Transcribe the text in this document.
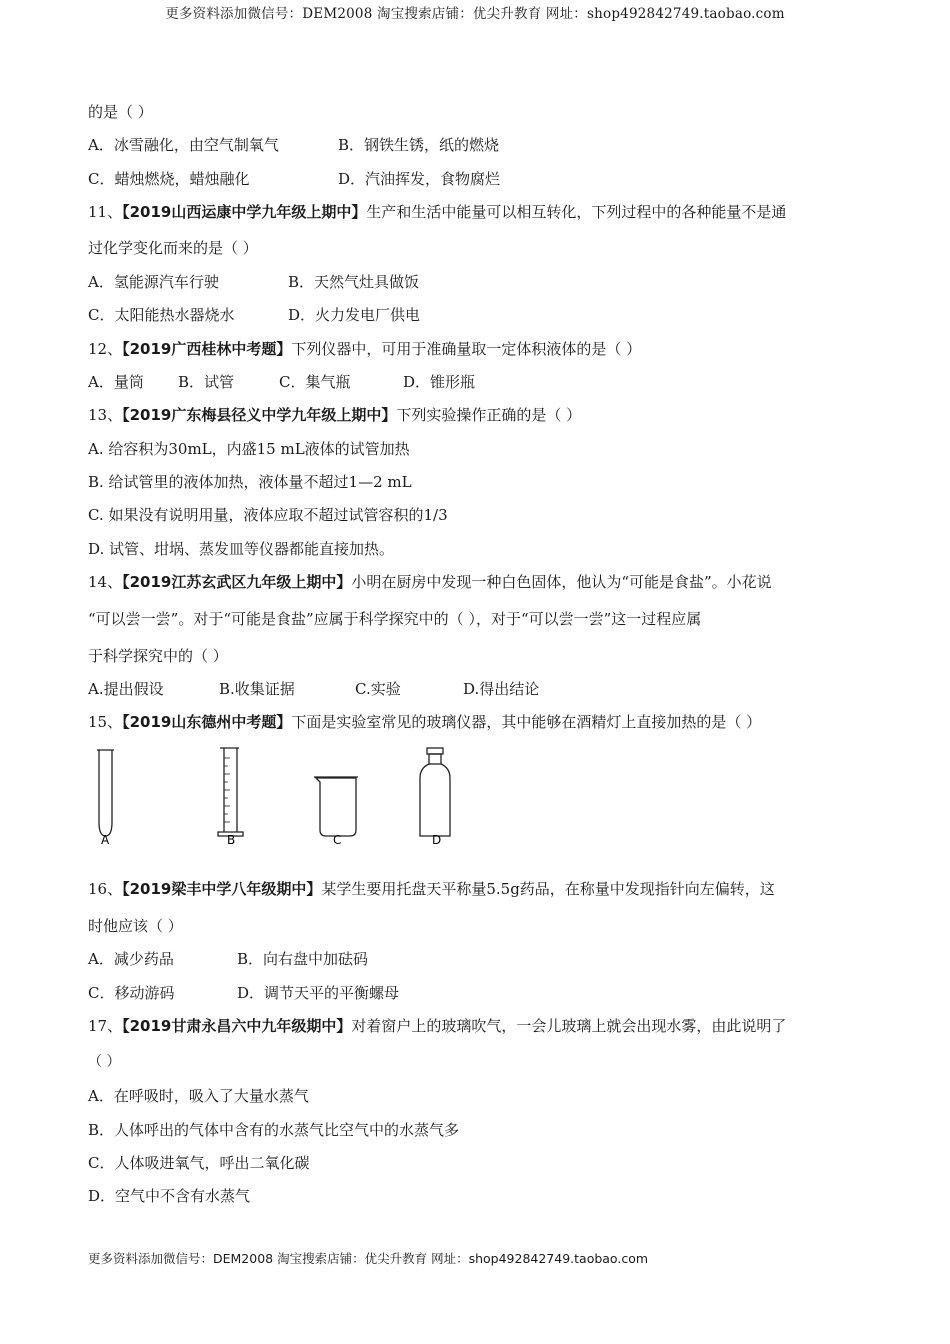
更多资料添加微信号：DEM2008 淘宝搜索店铺：优尖升教育 网址：shop492842749.taobao.com
的是（ ）
A．冰雪融化，由空气制氧气	B．钢铁生锈，纸的燃烧
C．蜡烛燃烧，蜡烛融化	D．汽油挥发，食物腐烂
11、【2019山西运康中学九年级上期中】生产和生活中能量可以相互转化，下列过程中的各种能量不是通
过化学变化而来的是（ ）
A．氢能源汽车行驶	B．天然气灶具做饭
C．太阳能热水器烧水	D．火力发电厂供电
12、【2019广西桂林中考题】下列仪器中，可用于准确量取一定体积液体的是（ ）
A．量筒 B．试管	C．集气瓶	D．锥形瓶
13、【2019广东梅县径义中学九年级上期中】下列实验操作正确的是（ ）
A. 给容积为30mL，内盛15 mL液体的试管加热
B. 给试管里的液体加热，液体量不超过1—2 mL
C. 如果没有说明用量，液体应取不超过试管容积的1/3
D. 试管、坩埚、蒸发皿等仪器都能直接加热。
14、【2019江苏玄武区九年级上期中】小明在厨房中发现一种白色固体，他认为“可能是食盐”。小花说
“可以尝一尝”。对于“可能是食盐”应属于科学探究中的（ ），对于“可以尝一尝”这一过程应属
于科学探究中的（ ）
A.提出假设	B.收集证据	C.实验	D.得出结论
15、【2019山东德州中考题】下面是实验室常见的玻璃仪器，其中能够在酒精灯上直接加热的是（ ）
A	B	C	D
16、【2019梁丰中学八年级期中】某学生要用托盘天平称量5.5g药品，在称量中发现指针向左偏转，这
时他应该（ ）
A．减少药品	B．向右盘中加砝码
C．移动游码	D．调节天平的平衡螺母
17、【2019甘肃永昌六中九年级期中】对着窗户上的玻璃吹气，一会儿玻璃上就会出现水雾，由此说明了
（ ）
A．在呼吸时，吸入了大量水蒸气
B．人体呼出的气体中含有的水蒸气比空气中的水蒸气多
C．人体吸进氧气，呼出二氧化碳
D．空气中不含有水蒸气
更多资料添加微信号：DEM2008 淘宝搜索店铺：优尖升教育 网址：shop492842749.taobao.com
